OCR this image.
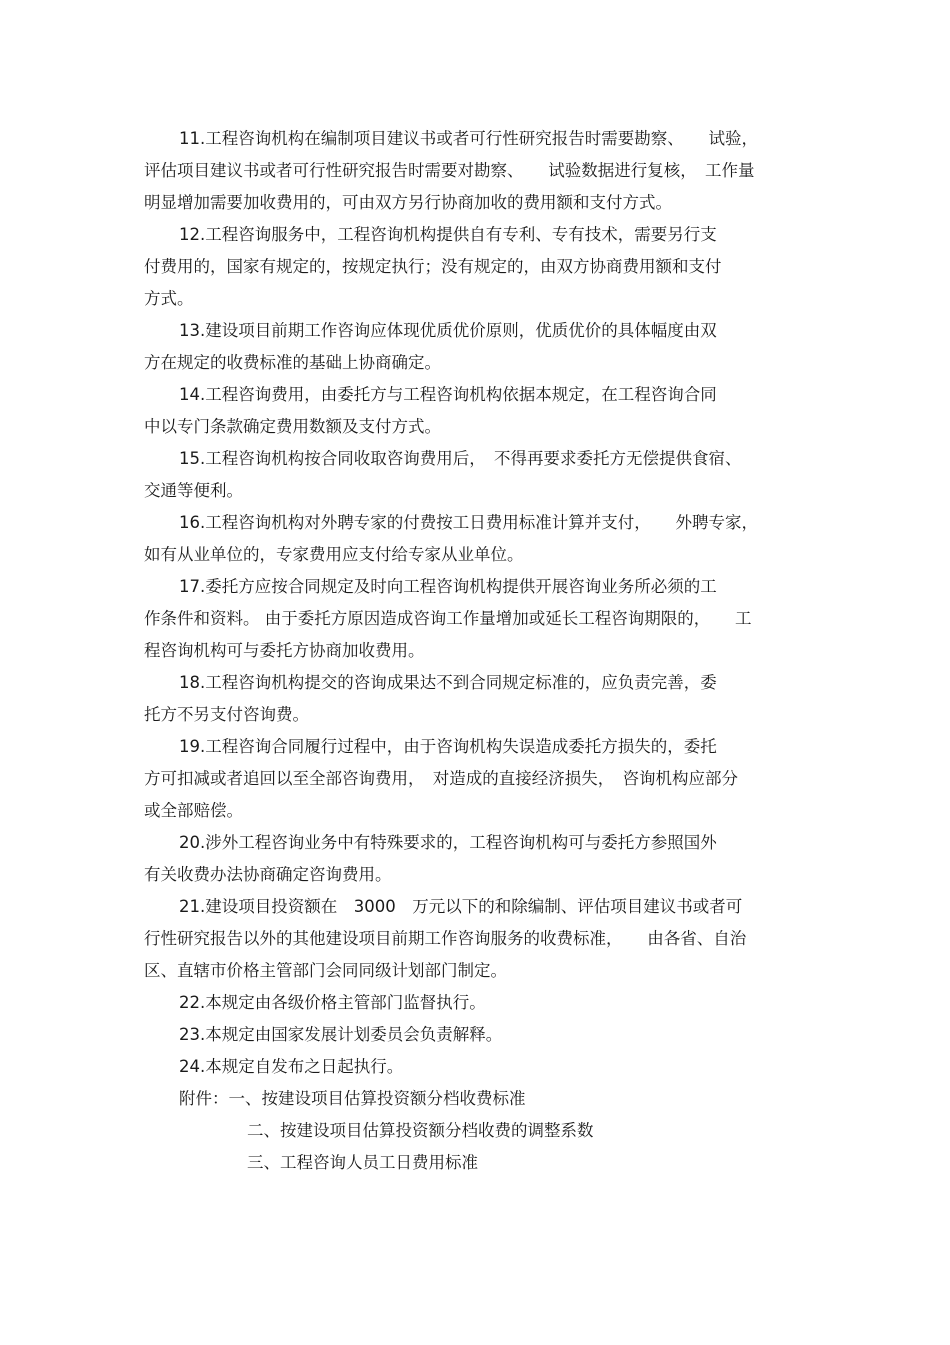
11.工程咨询机构在编制项目建议书或者可行性研究报告时需要勘察、　　试验，
评估项目建议书或者可行性研究报告时需要对勘察、　　试验数据进行复核，　工作量
明显增加需要加收费用的，可由双方另行协商加收的费用额和支付方式。
12.工程咨询服务中，工程咨询机构提供自有专利、专有技术，需要另行支
付费用的，国家有规定的，按规定执行；没有规定的，由双方协商费用额和支付
方式。
13.建设项目前期工作咨询应体现优质优价原则，优质优价的具体幅度由双
方在规定的收费标准的基础上协商确定。
14.工程咨询费用，由委托方与工程咨询机构依据本规定，在工程咨询合同
中以专门条款确定费用数额及支付方式。
15.工程咨询机构按合同收取咨询费用后，　不得再要求委托方无偿提供食宿、
交通等便利。
16.工程咨询机构对外聘专家的付费按工日费用标准计算并支付，　　外聘专家，
如有从业单位的，专家费用应支付给专家从业单位。
17.委托方应按合同规定及时向工程咨询机构提供开展咨询业务所必须的工
作条件和资料。 由于委托方原因造成咨询工作量增加或延长工程咨询期限的，　　工
程咨询机构可与委托方协商加收费用。
18.工程咨询机构提交的咨询成果达不到合同规定标准的，应负责完善，委
托方不另支付咨询费。
19.工程咨询合同履行过程中，由于咨询机构失误造成委托方损失的，委托
方可扣减或者追回以至全部咨询费用，　对造成的直接经济损失，　咨询机构应部分
或全部赔偿。
20.涉外工程咨询业务中有特殊要求的，工程咨询机构可与委托方参照国外
有关收费办法协商确定咨询费用。
21.建设项目投资额在　3000　万元以下的和除编制、评估项目建议书或者可
行性研究报告以外的其他建设项目前期工作咨询服务的收费标准，　　由各省、自治
区、直辖市价格主管部门会同同级计划部门制定。
22.本规定由各级价格主管部门监督执行。
23.本规定由国家发展计划委员会负责解释。
24.本规定自发布之日起执行。
附件：一、按建设项目估算投资额分档收费标准
二、按建设项目估算投资额分档收费的调整系数
三、工程咨询人员工日费用标准
